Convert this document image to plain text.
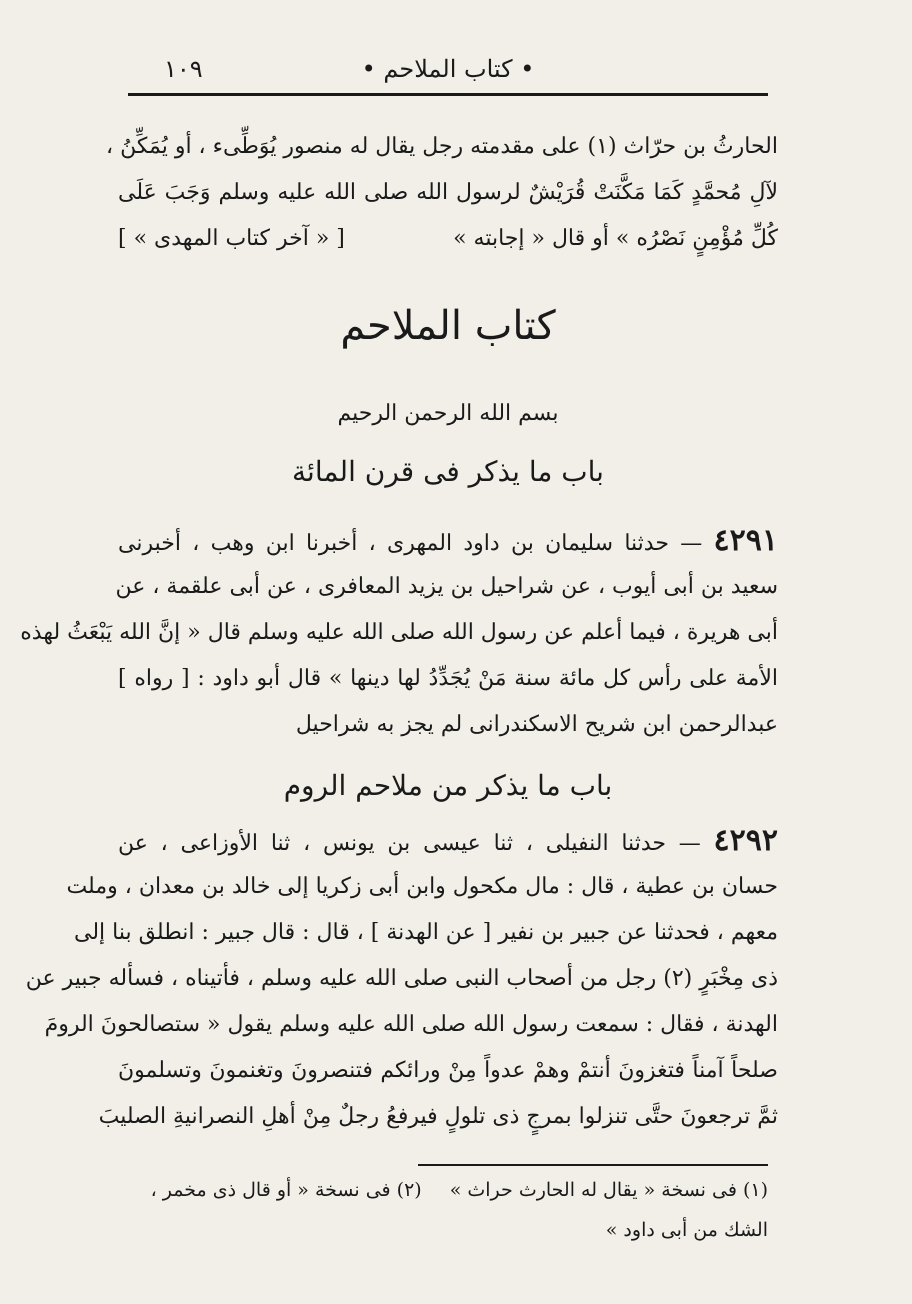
• كتاب الملاحم •
١٠٩
الحارثُ بن حرّاث (١) على مقدمته رجل يقال له منصور يُوَطِّىء ، أو يُمَكِّنُ ،
لآلِ مُحمَّدٍ كَمَا مَكَّنَتْ قُرَيْشٌ لرسول الله صلى الله عليه وسلم وَجَبَ عَلَى
كُلِّ مُؤْمِنٍ نَصْرُه » أو قال « إجابته »
[ « آخر كتاب المهدى » ]
كتاب الملاحم
بسم الله الرحمن الرحيم
باب ما يذكر فى قرن المائة
٤٢٩١ — حدثنا سليمان بن داود المهرى ، أخبرنا ابن وهب ، أخبرنى
سعيد بن أبى أيوب ، عن شراحيل بن يزيد المعافرى ، عن أبى علقمة ، عن
أبى هريرة ، فيما أعلم عن رسول الله صلى الله عليه وسلم قال « إنَّ الله يَبْعَثُ لهذه
الأمة على رأس كل مائة سنة مَنْ يُجَدِّدُ لها دينها » قال أبو داود : [ رواه ]
عبدالرحمن ابن شريح الاسكندرانى لم يجز به شراحيل
باب ما يذكر من ملاحم الروم
٤٢٩٢ — حدثنا النفيلى ، ثنا عيسى بن يونس ، ثنا الأوزاعى ، عن
حسان بن عطية ، قال : مال مكحول وابن أبى زكريا إلى خالد بن معدان ، وملت
معهم ، فحدثنا عن جبير بن نفير [ عن الهدنة ] ، قال : قال جبير : انطلق بنا إلى
ذى مِخْبَرٍ (٢) رجل من أصحاب النبى صلى الله عليه وسلم ، فأتيناه ، فسأله جبير عن
الهدنة ، فقال : سمعت رسول الله صلى الله عليه وسلم يقول « ستصالحونَ الرومَ
صلحاً آمناً فتغزونَ أنتمْ وهمْ عدواً مِنْ ورائكم فتنصرونَ وتغنمونَ وتسلمونَ
ثمَّ ترجعونَ حتَّى تنزلوا بمرجٍ ذى تلولٍ فيرفعُ رجلٌ مِنْ أهلِ النصرانيةِ الصليبَ
(١) فى نسخة « يقال له الحارث حراث »(٢) فى نسخة « أو قال ذى مخمر ،
الشك من أبى داود »
